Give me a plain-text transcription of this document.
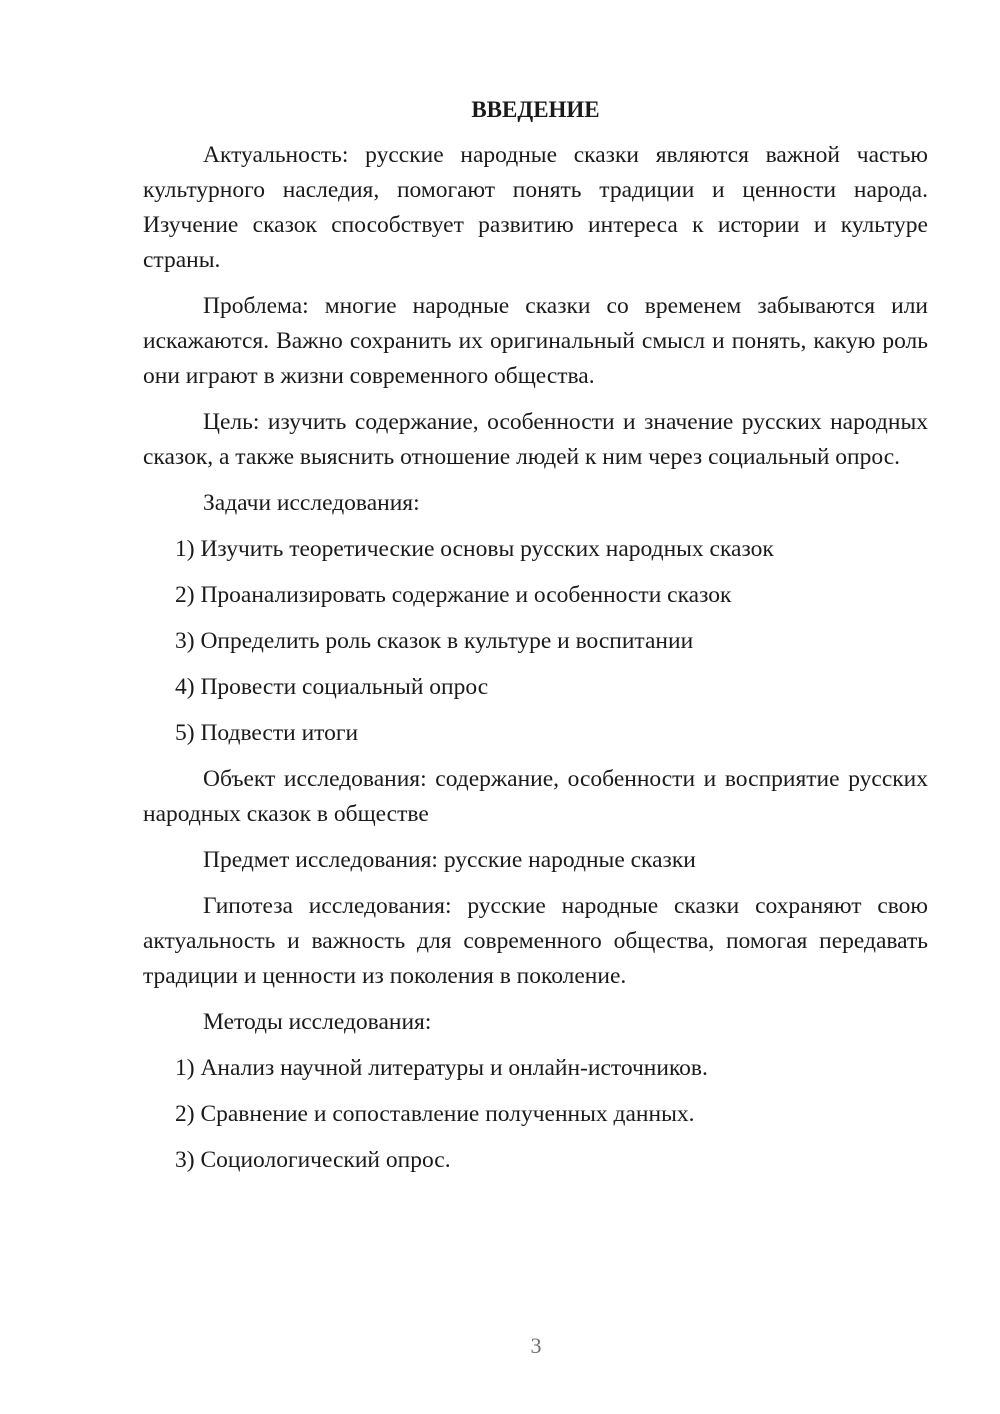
ВВЕДЕНИЕ

Актуальность: русские народные сказки являются важной частью культурного наследия, помогают понять традиции и ценности народа. Изучение сказок способствует развитию интереса к истории и культуре страны.

Проблема: многие народные сказки со временем забываются или искажаются. Важно сохранить их оригинальный смысл и понять, какую роль они играют в жизни современного общества.

Цель: изучить содержание, особенности и значение русских народных сказок, а также выяснить отношение людей к ним через социальный опрос.

Задачи исследования:

1) Изучить теоретические основы русских народных сказок

2) Проанализировать содержание и особенности сказок

3) Определить роль сказок в культуре и воспитании

4) Провести социальный опрос

5) Подвести итоги

Объект исследования: содержание, особенности и восприятие русских народных сказок в обществе

Предмет исследования: русские народные сказки

Гипотеза исследования: русские народные сказки сохраняют свою актуальность и важность для современного общества, помогая передавать традиции и ценности из поколения в поколение.

Методы исследования:

1) Анализ научной литературы и онлайн-источников.

2) Сравнение и сопоставление полученных данных.

3) Социологический опрос.

3
